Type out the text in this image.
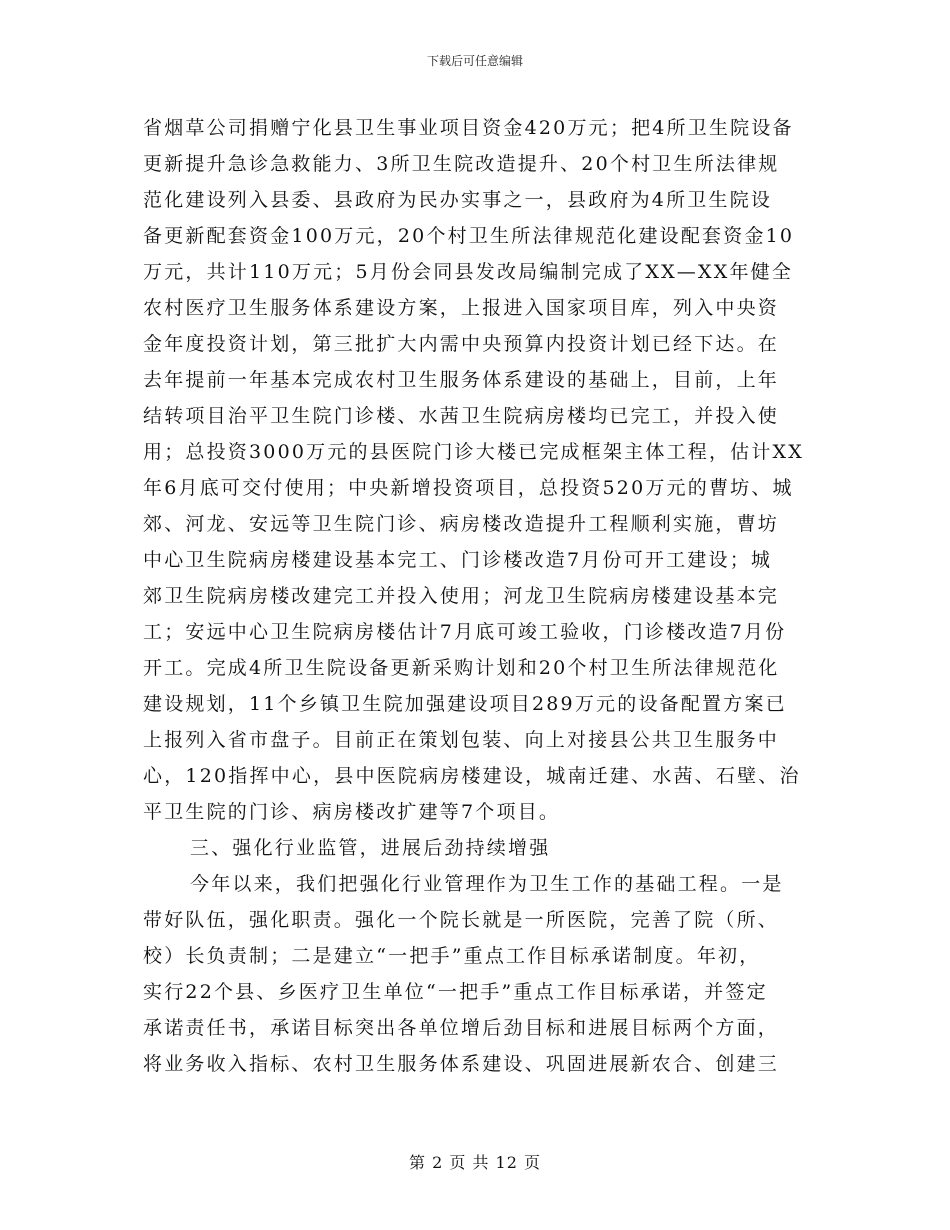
下载后可任意编辑
省烟草公司捐赠宁化县卫生事业项目资金420万元；把4所卫生院设备
更新提升急诊急救能力、3所卫生院改造提升、20个村卫生所法律规
范化建设列入县委、县政府为民办实事之一，县政府为4所卫生院设
备更新配套资金100万元，20个村卫生所法律规范化建设配套资金10
万元，共计110万元；5月份会同县发改局编制完成了XX—XX年健全
农村医疗卫生服务体系建设方案，上报进入国家项目库，列入中央资
金年度投资计划，第三批扩大内需中央预算内投资计划已经下达。在
去年提前一年基本完成农村卫生服务体系建设的基础上，目前，上年
结转项目治平卫生院门诊楼、水茜卫生院病房楼均已完工，并投入使
用；总投资3000万元的县医院门诊大楼已完成框架主体工程，估计XX
年6月底可交付使用；中央新增投资项目，总投资520万元的曹坊、城
郊、河龙、安远等卫生院门诊、病房楼改造提升工程顺利实施，曹坊
中心卫生院病房楼建设基本完工、门诊楼改造7月份可开工建设；城
郊卫生院病房楼改建完工并投入使用；河龙卫生院病房楼建设基本完
工；安远中心卫生院病房楼估计7月底可竣工验收，门诊楼改造7月份
开工。完成4所卫生院设备更新采购计划和20个村卫生所法律规范化
建设规划，11个乡镇卫生院加强建设项目289万元的设备配置方案已
上报列入省市盘子。目前正在策划包装、向上对接县公共卫生服务中
心，120指挥中心，县中医院病房楼建设，城南迁建、水茜、石壁、治
平卫生院的门诊、病房楼改扩建等7个项目。
三、强化行业监管，进展后劲持续增强
今年以来，我们把强化行业管理作为卫生工作的基础工程。一是
带好队伍，强化职责。强化一个院长就是一所医院，完善了院（所、
校）长负责制；二是建立“一把手”重点工作目标承诺制度。年初，
实行22个县、乡医疗卫生单位“一把手”重点工作目标承诺，并签定
承诺责任书，承诺目标突出各单位增后劲目标和进展目标两个方面，
将业务收入指标、农村卫生服务体系建设、巩固进展新农合、创建三
第 2 页 共 12 页
